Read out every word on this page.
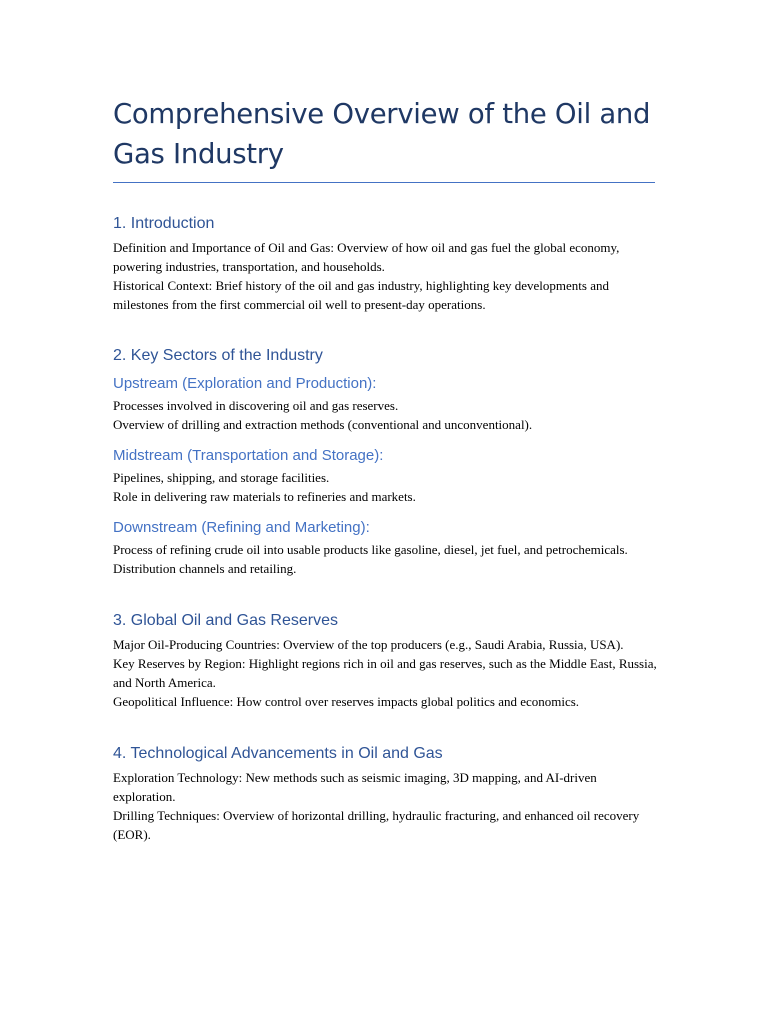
Comprehensive Overview of the Oil and Gas Industry
1. Introduction

Definition and Importance of Oil and Gas: Overview of how oil and gas fuel the global economy, powering industries, transportation, and households.

Historical Context: Brief history of the oil and gas industry, highlighting key developments and milestones from the first commercial oil well to present-day operations.

2. Key Sectors of the Industry
Upstream (Exploration and Production):

Processes involved in discovering oil and gas reserves.

Overview of drilling and extraction methods (conventional and unconventional).

Midstream (Transportation and Storage):

Pipelines, shipping, and storage facilities.

Role in delivering raw materials to refineries and markets.

Downstream (Refining and Marketing):

Process of refining crude oil into usable products like gasoline, diesel, jet fuel, and petrochemicals.

Distribution channels and retailing.

3. Global Oil and Gas Reserves

Major Oil-Producing Countries: Overview of the top producers (e.g., Saudi Arabia, Russia, USA).

Key Reserves by Region: Highlight regions rich in oil and gas reserves, such as the Middle East, Russia, and North America.

Geopolitical Influence: How control over reserves impacts global politics and economics.

4. Technological Advancements in Oil and Gas

Exploration Technology: New methods such as seismic imaging, 3D mapping, and AI-driven exploration.

Drilling Techniques: Overview of horizontal drilling, hydraulic fracturing, and enhanced oil recovery (EOR).
